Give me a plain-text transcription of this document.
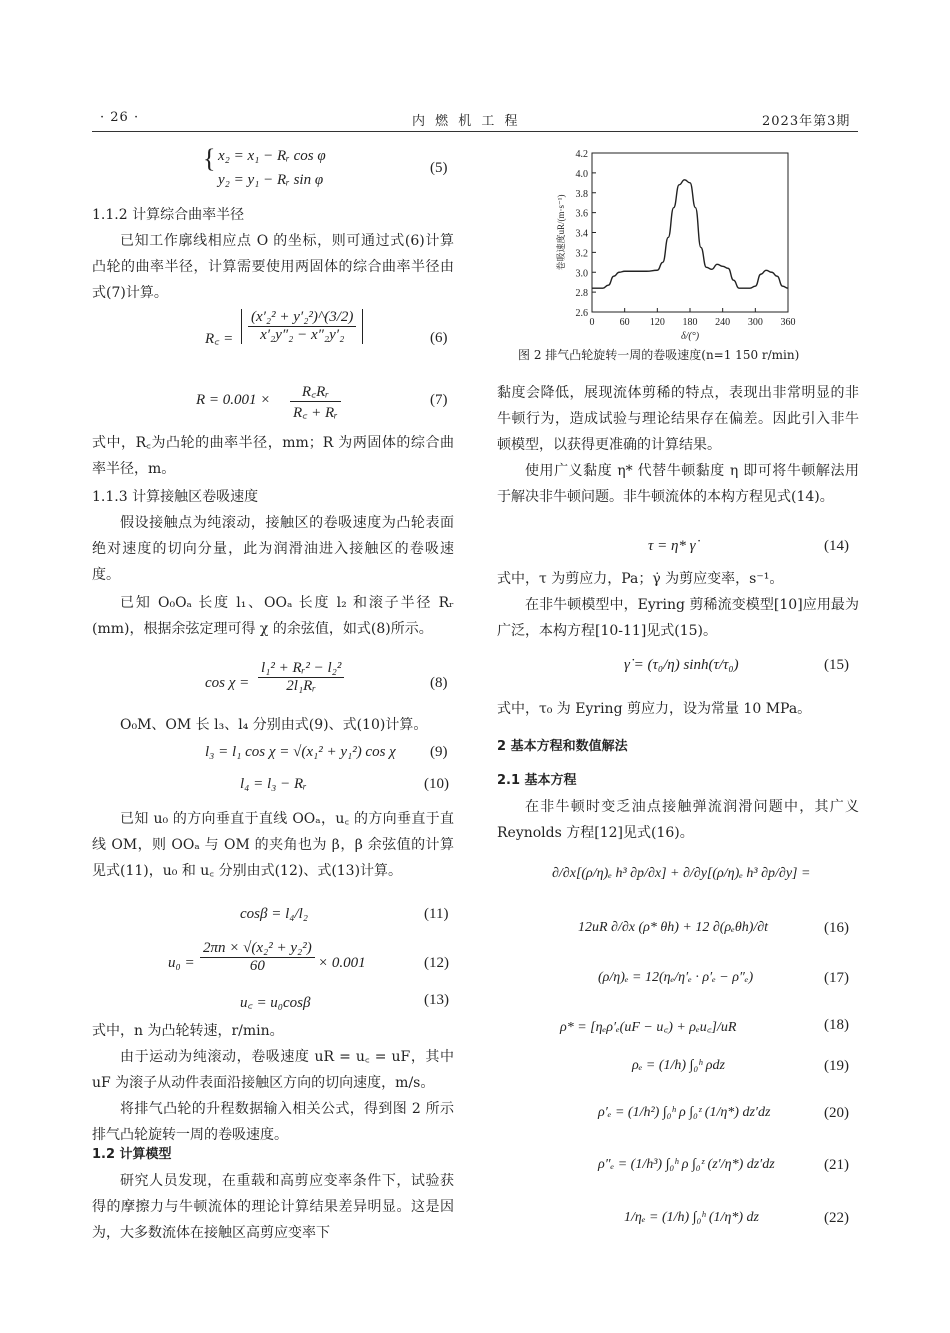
· 26 ·	内 燃 机 工 程	2023年第3期
{ x₂ = x₁ − Rᵣ cos φ
y₂ = y₁ − Rᵣ sin φ
(5)
1.1.2 计算综合曲率半径
已知工作廓线相应点 O 的坐标，则可通过式(6)计算凸轮的曲率半径，计算需要使用两固体的综合曲率半径由式(7)计算。
R꜀ = $\frac{\text{(x′₂² + y′₂²)\textasciicircum{}(3/2)}}{\text{x′₂y″₂ − x″₂y′₂}}$	(6)
$R = 0.001 \times \frac{\text{R꜀Rᵣ}}{\text{R꜀ + Rᵣ}}$	(7)
式中，R꜀为凸轮的曲率半径，mm；R 为两固体的综合曲率半径，m。
1.1.3 计算接触区卷吸速度
假设接触点为纯滚动，接触区的卷吸速度为凸轮表面绝对速度的切向分量，此为润滑油进入接触区的卷吸速度。
已知 O₀Oₐ 长度 l₁、OOₐ 长度 l₂ 和滚子半径 Rᵣ (mm)，根据余弦定理可得 χ 的余弦值，如式(8)所示。
$\cos \chi = \frac{\text{l₁² + Rᵣ² − l₂²}}{\text{2l₁Rᵣ}}$	(8)
O₀M、OM 长 l₃、l₄ 分别由式(9)、式(10)计算。
l₃ = l₁ cos χ = √(x₁² + y₁²) cos χ (9)
l₄ = l₃ − Rᵣ	(10)
已知 u₀ 的方向垂直于直线 OOₐ，u꜀ 的方向垂直于直线 OM，则 OOₐ 与 OM 的夹角也为 β，β 余弦值的计算见式(11)，u₀ 和 u꜀ 分别由式(12)、式(13)计算。
cosβ = l₄/l₂	(11)
$u_0 = \frac{\text{2πn × √(x₂² + y₂²)}}{60} \times 0.001$	(12)
u꜀ = u₀cosβ	(13)
式中，n 为凸轮转速，r/min。
由于运动为纯滚动，卷吸速度 uR = u꜀ = uF，其中 uF 为滚子从动件表面沿接触区方向的切向速度，m/s。
将排气凸轮的升程数据输入相关公式，得到图 2 所示排气凸轮旋转一周的卷吸速度。
1.2 计算模型
研究人员发现，在重载和高剪应变率条件下，试验获得的摩擦力与牛顿流体的理论计算结果差异明显。这是因为，大多数流体在接触区高剪应变率下
2.6
2.8
3.0
3.2
3.4
3.6
3.8
4.0
4.2
0	60 120 180 240 300 360
δ/(°)
卷吸速度uR/(m·s⁻¹)
图 2 排气凸轮旋转一周的卷吸速度(n=1 150 r/min)
黏度会降低，展现流体剪稀的特点，表现出非常明显的非牛顿行为，造成试验与理论结果存在偏差。因此引入非牛顿模型，以获得更准确的计算结果。
使用广义黏度 η* 代替牛顿黏度 η 即可将牛顿解法用于解决非牛顿问题。非牛顿流体的本构方程见式(14)。
τ = η* γ̇	(14)
式中，τ 为剪应力，Pa；γ̇ 为剪应变率，s⁻¹。
在非牛顿模型中，Eyring 剪稀流变模型[10]应用最为广泛，本构方程[10-11]见式(15)。
γ̇ = (τ₀/η) sinh(τ/τ₀)	(15)
式中，τ₀ 为 Eyring 剪应力，设为常量 10 MPa。
2 基本方程和数值解法
2.1 基本方程
在非牛顿时变乏油点接触弹流润滑问题中，其广义 Reynolds 方程[12]见式(16)。
∂/∂x[(ρ/η)ₑ h³ ∂p/∂x] + ∂/∂y[(ρ/η)ₑ h³ ∂p/∂y] =
12uR ∂/∂x (ρ* θh) + 12 ∂(ρₑθh)/∂t	(16)
(ρ/η)ₑ = 12(ηₑ/η′ₑ · ρ′ₑ − ρ″ₑ)	(17)
ρ* = [ηₑρ′ₑ(uF − u꜀) + ρₑu꜀]/uR	(18)
ρₑ = (1/h) ∫₀ʰ ρdz	(19)
ρ′ₑ = (1/h²) ∫₀ʰ ρ ∫₀ᶻ (1/η*) dz′dz	(20)
ρ″ₑ = (1/h³) ∫₀ʰ ρ ∫₀ᶻ (z′/η*) dz′dz	(21)
1/ηₑ = (1/h) ∫₀ʰ (1/η*) dz	(22)
